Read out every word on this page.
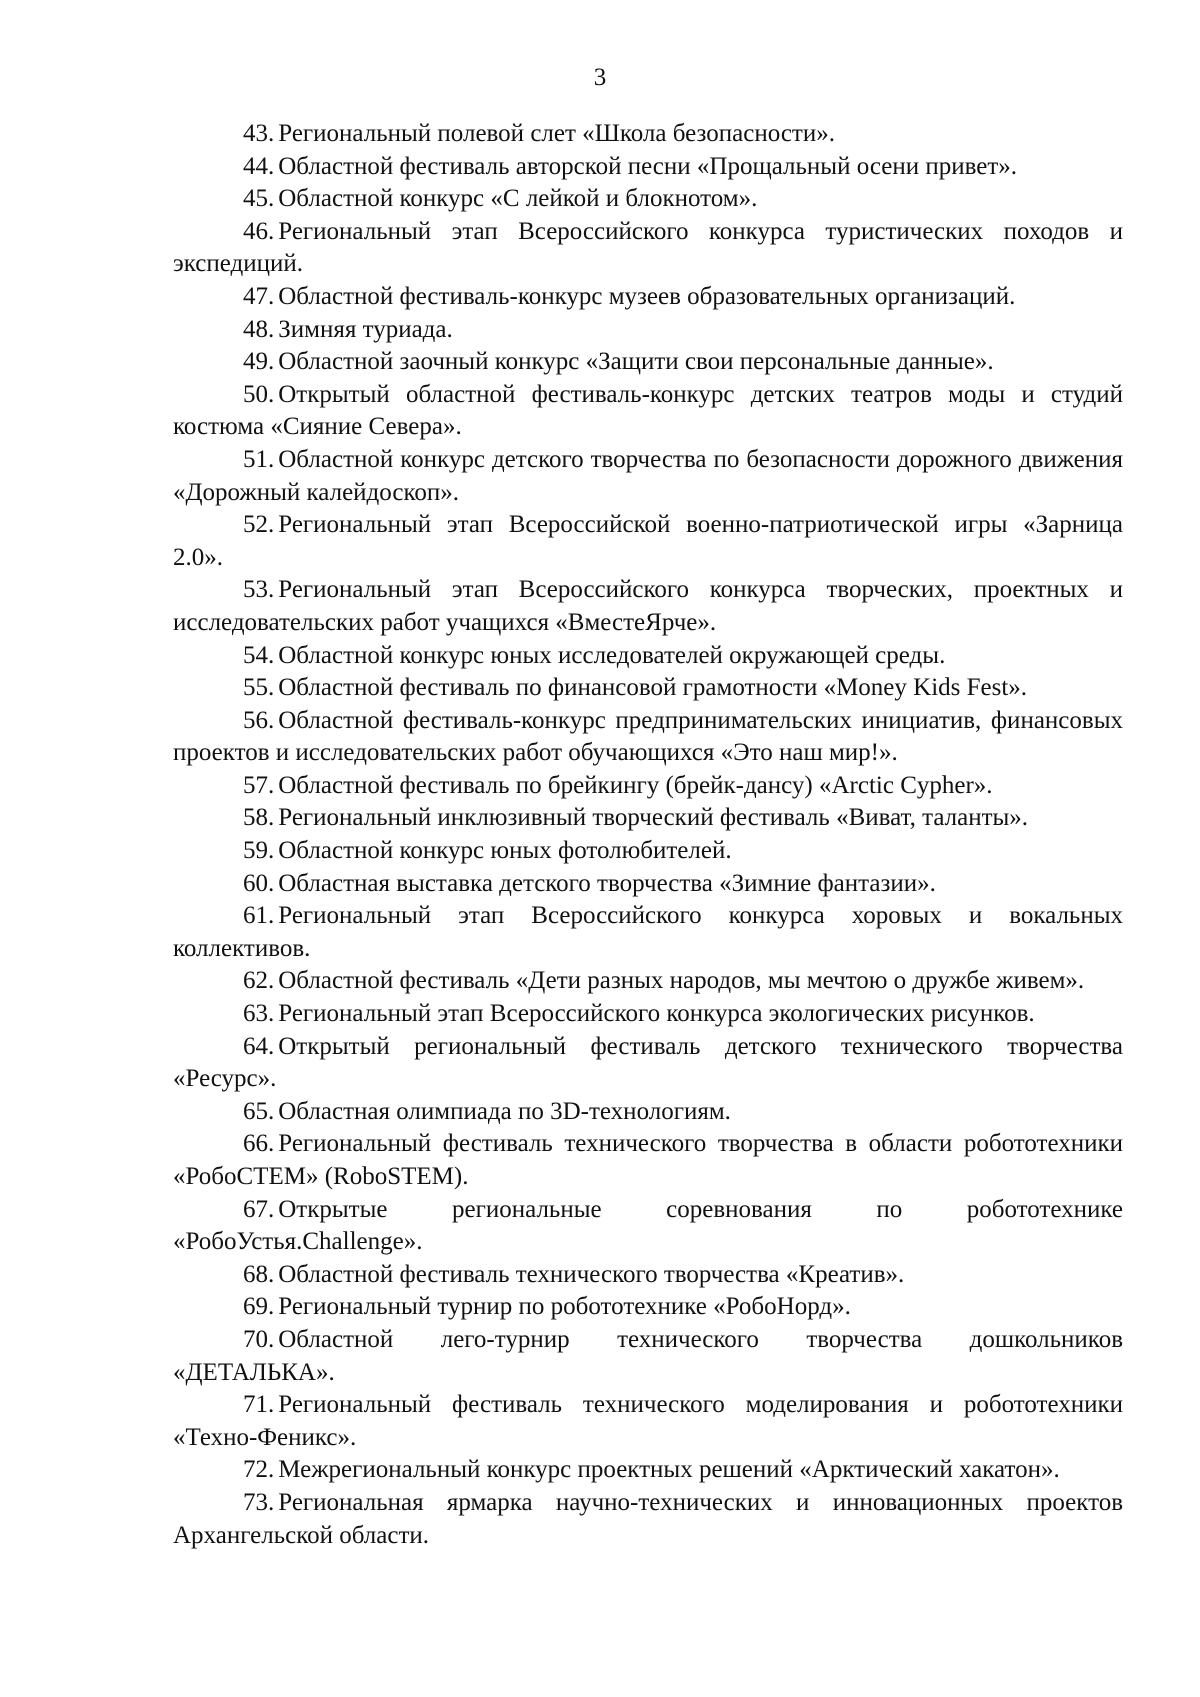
3

43. Региональный полевой слет «Школа безопасности».

44. Областной фестиваль авторской песни «Прощальный осени привет».

45. Областной конкурс «С лейкой и блокнотом».

46. Региональный этап Всероссийского конкурса туристических походов и экспедиций.

47. Областной фестиваль-конкурс музеев образовательных организаций.

48. Зимняя туриада.

49. Областной заочный конкурс «Защити свои персональные данные».

50. Открытый областной фестиваль-конкурс детских театров моды и студий костюма «Сияние Севера».

51. Областной конкурс детского творчества по безопасности дорожного движения «Дорожный калейдоскоп».

52. Региональный этап Всероссийской военно-патриотической игры «Зарница 2.0».

53. Региональный этап Всероссийского конкурса творческих, проектных и исследовательских работ учащихся «ВместеЯрче».

54. Областной конкурс юных исследователей окружающей среды.

55. Областной фестиваль по финансовой грамотности «Money Kids Fest».

56. Областной фестиваль-конкурс предпринимательских инициатив, финансовых проектов и исследовательских работ обучающихся «Это наш мир!».

57. Областной фестиваль по брейкингу (брейк-дансу) «Arctic Cypher».

58. Региональный инклюзивный творческий фестиваль «Виват, таланты».

59. Областной конкурс юных фотолюбителей.

60. Областная выставка детского творчества «Зимние фантазии».

61. Региональный этап Всероссийского конкурса хоровых и вокальных коллективов.

62. Областной фестиваль «Дети разных народов, мы мечтою о дружбе живем».

63. Региональный этап Всероссийского конкурса экологических рисунков.

64. Открытый региональный фестиваль детского технического творчества «Ресурс».

65. Областная олимпиада по 3D-технологиям.

66. Региональный фестиваль технического творчества в области робототехники «РобоСТЕМ» (RoboSTEM).

67. Открытые региональные соревнования по робототехнике «РобоУстья.Challenge».

68. Областной фестиваль технического творчества «Креатив».

69. Региональный турнир по робототехнике «РобоНорд».

70. Областной лего-турнир технического творчества дошкольников «ДЕТАЛЬКА».

71. Региональный фестиваль технического моделирования и робототехники «Техно-Феникс».

72. Межрегиональный конкурс проектных решений «Арктический хакатон».

73. Региональная ярмарка научно-технических и инновационных проектов Архангельской области.
